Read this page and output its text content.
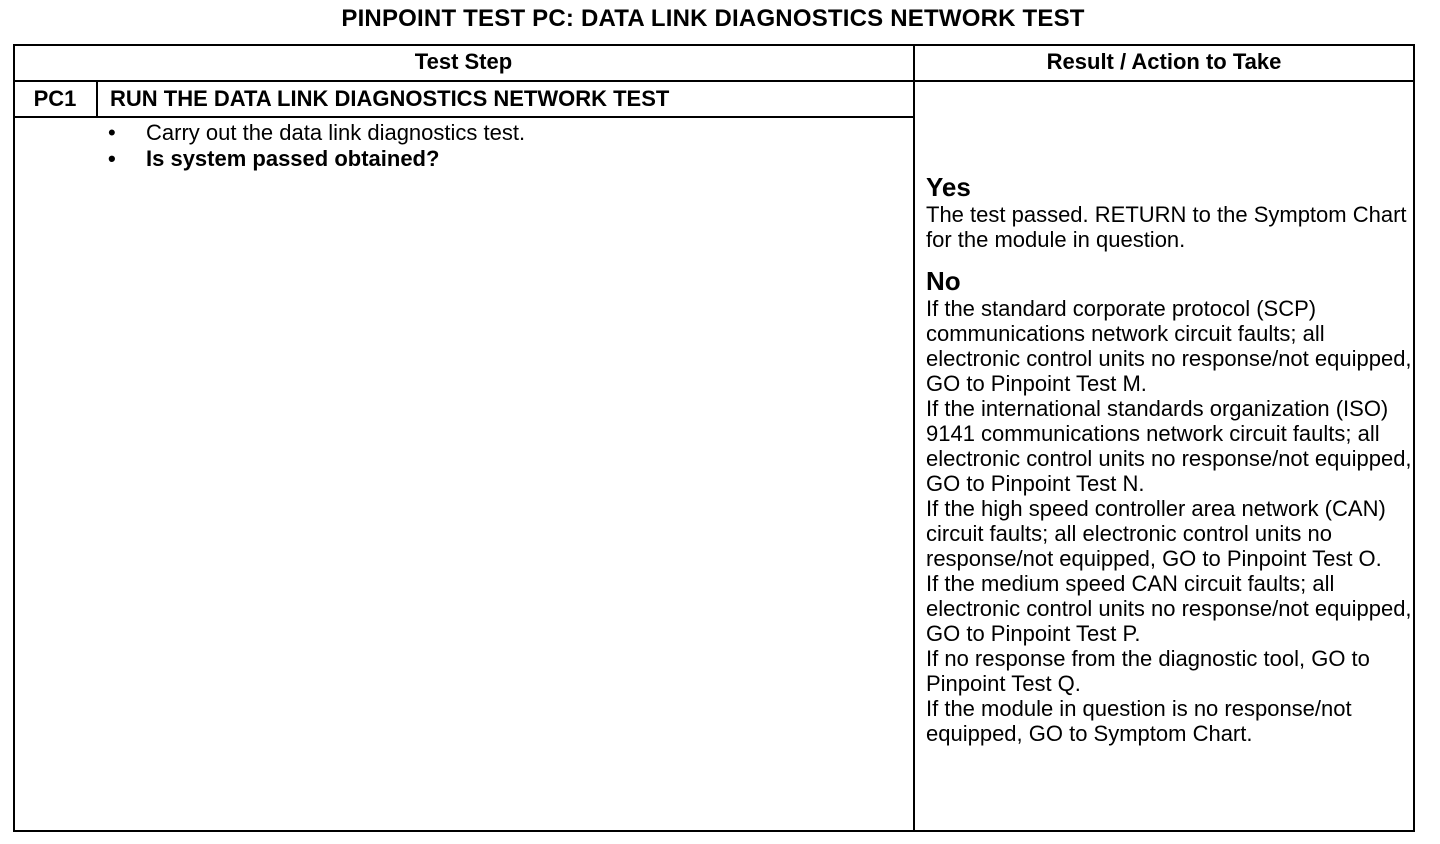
PINPOINT TEST PC: DATA LINK DIAGNOSTICS NETWORK TEST
Test Step	Result / Action to Take
PC1	RUN THE DATA LINK DIAGNOSTICS NETWORK TEST
• Carry out the data link diagnostics test.
• Is system passed obtained?
Yes

The test passed. RETURN to the Symptom Chart for the module in question.

No

If the standard corporate protocol (SCP) communications network circuit faults; all electronic control units no response/not equipped, GO to Pinpoint Test M.

If the international standards organization (ISO) 9141 communications network circuit faults; all electronic control units no response/not equipped, GO to Pinpoint Test N.

If the high speed controller area network (CAN) circuit faults; all electronic control units no response/not equipped, GO to Pinpoint Test O.

If the medium speed CAN circuit faults; all electronic control units no response/not equipped, GO to Pinpoint Test P.

If no response from the diagnostic tool, GO to Pinpoint Test Q.

If the module in question is no response/not equipped, GO to Symptom Chart.
